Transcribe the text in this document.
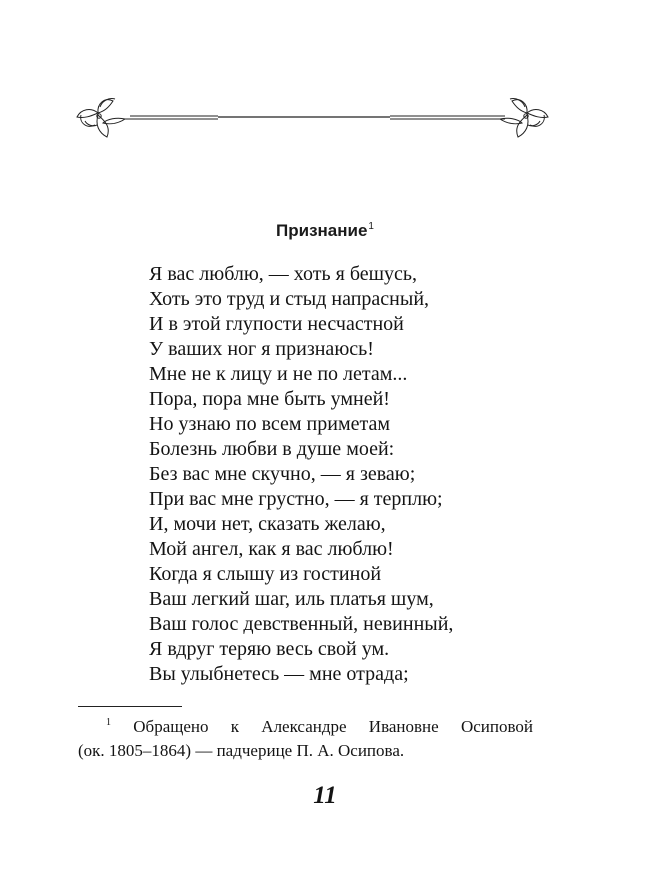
Признание$^1$
Я вас люблю, — хоть я бешусь,
Хоть это труд и стыд напрасный,
И в этой глупости несчастной
У ваших ног я признаюсь!
Мне не к лицу и не по летам...
Пора, пора мне быть умней!
Но узнаю по всем приметам
Болезнь любви в душе моей:
Без вас мне скучно, — я зеваю;
При вас мне грустно, — я терплю;
И, мочи нет, сказать желаю,
Мой ангел, как я вас люблю!
Когда я слышу из гостиной
Ваш легкий шаг, иль платья шум,
Ваш голос девственный, невинный,
Я вдруг теряю весь свой ум.
Вы улыбнетесь — мне отрада;
$^1$ Обращено к Александре Ивановне Осиповой
(ок. 1805–1864) — падчерице П. А. Осипова.
11
